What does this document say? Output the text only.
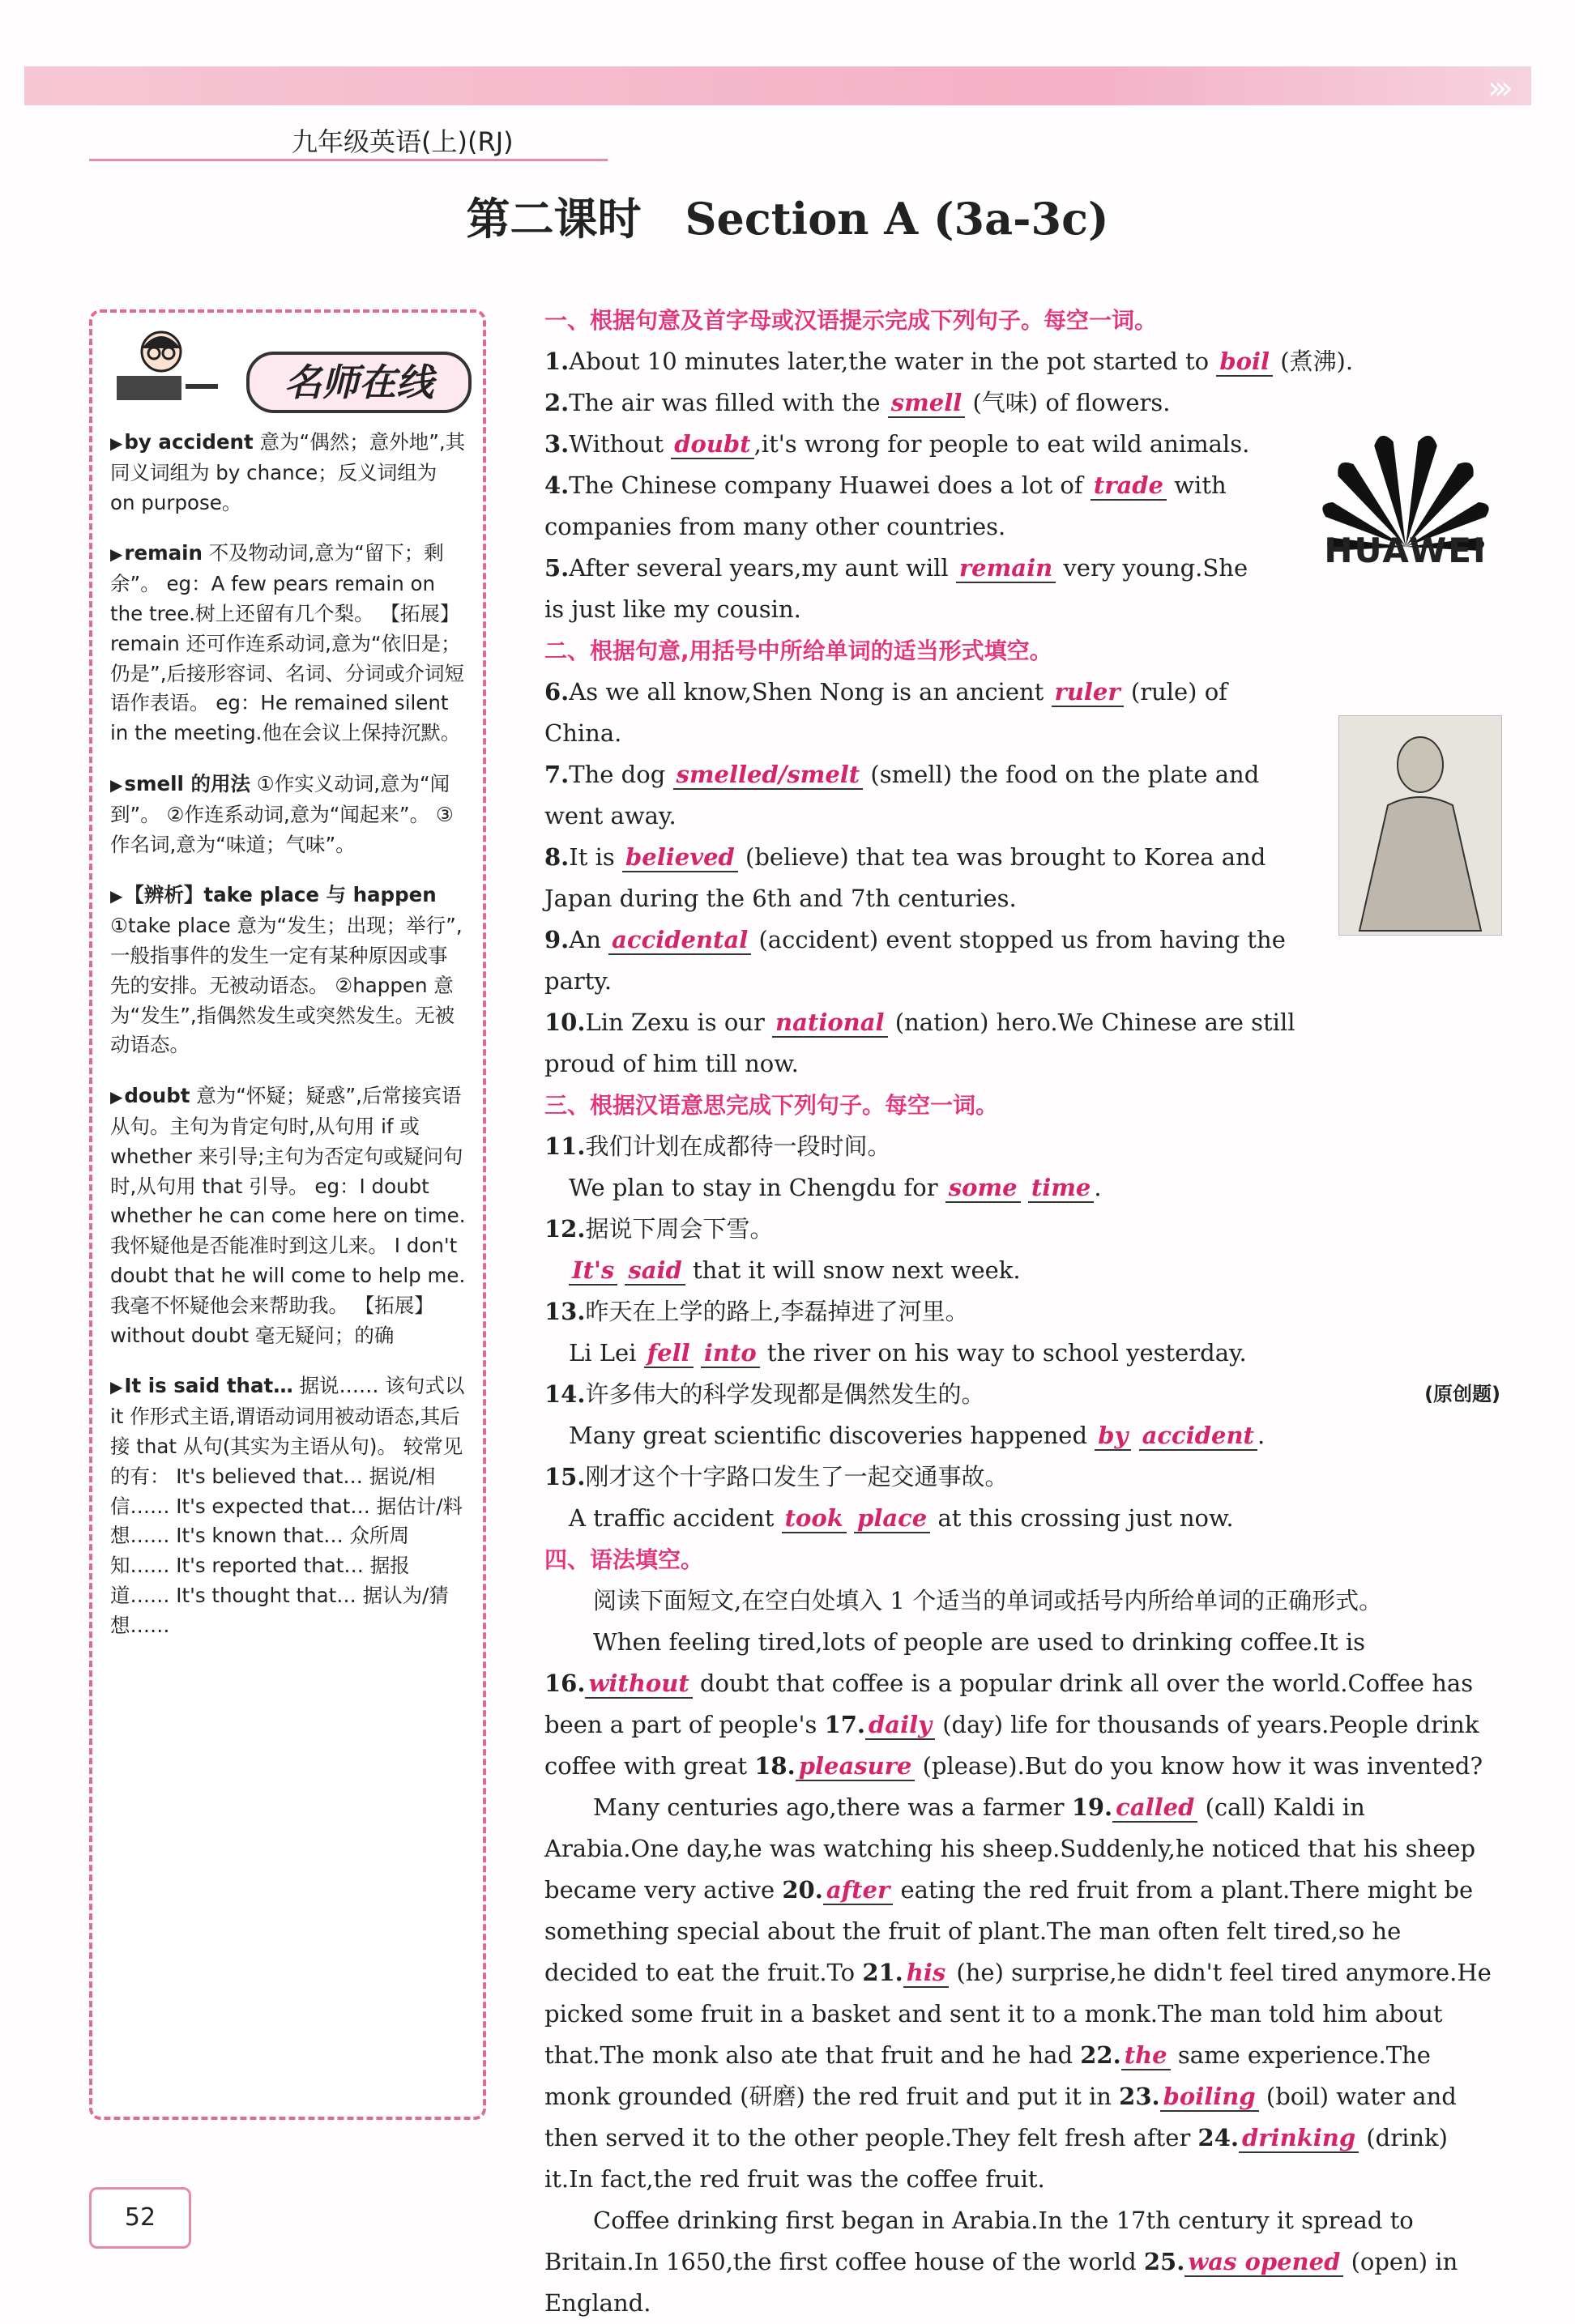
›››
九年级英语(上)(RJ)
第二课时　Section A (3a-3c)
名师在线
▶ by accident 意为“偶然；意外地”,其同义词组为 by chance；反义词组为 on purpose。
▶ remain 不及物动词,意为“留下；剩余”。 eg：A few pears remain on the tree.树上还留有几个梨。 【拓展】remain 还可作连系动词,意为“依旧是；仍是”,后接形容词、名词、分词或介词短语作表语。 eg：He remained silent in the meeting.他在会议上保持沉默。
▶ smell 的用法 ①作实义动词,意为“闻到”。 ②作连系动词,意为“闻起来”。 ③作名词,意为“味道；气味”。
▶ 【辨析】take place 与 happen ①take place 意为“发生；出现；举行”,一般指事件的发生一定有某种原因或事先的安排。无被动语态。 ②happen 意为“发生”,指偶然发生或突然发生。无被动语态。
▶ doubt 意为“怀疑；疑惑”,后常接宾语从句。主句为肯定句时,从句用 if 或 whether 来引导;主句为否定句或疑问句时,从句用 that 引导。 eg：I doubt whether he can come here on time.我怀疑他是否能准时到这儿来。 I don't doubt that he will come to help me.我毫不怀疑他会来帮助我。 【拓展】without doubt 毫无疑问；的确
▶ It is said that… 据说…… 该句式以 it 作形式主语,谓语动词用被动语态,其后接 that 从句(其实为主语从句)。 较常见的有： It's believed that… 据说/相信…… It's expected that… 据估计/料想…… It's known that… 众所周知…… It's reported that… 据报道…… It's thought that… 据认为/猜想……
HUAWEI
一、根据句意及首字母或汉语提示完成下列句子。每空一词。
1.About 10 minutes later,the water in the pot started to boil (煮沸).
2.The air was filled with the smell (气味) of flowers.
3.Without doubt ,it's wrong for people to eat wild animals.
4.The Chinese company Huawei does a lot of trade with companies from many other countries.
5.After several years,my aunt will remain very young.She is just like my cousin.
二、根据句意,用括号中所给单词的适当形式填空。
6.As we all know,Shen Nong is an ancient ruler (rule) of China.
7.The dog smelled/smelt (smell) the food on the plate and went away.
8.It is believed (believe) that tea was brought to Korea and Japan during the 6th and 7th centuries.
9.An accidental (accident) event stopped us from having the party.
10.Lin Zexu is our national (nation) hero.We Chinese are still proud of him till now.
三、根据汉语意思完成下列句子。每空一词。
11.我们计划在成都待一段时间。
We plan to stay in Chengdu for some time .
12.据说下周会下雪。
It's said that it will snow next week.
13.昨天在上学的路上,李磊掉进了河里。
Li Lei fell into the river on his way to school yesterday.
14.许多伟大的科学发现都是偶然发生的。	(原创题)
Many great scientific discoveries happened by accident .
15.刚才这个十字路口发生了一起交通事故。
A traffic accident took place at this crossing just now.
四、语法填空。
阅读下面短文,在空白处填入 1 个适当的单词或括号内所给单词的正确形式。
When feeling tired,lots of people are used to drinking coffee.It is 16. without doubt that coffee is a popular drink all over the world.Coffee has been a part of people's 17. daily (day) life for thousands of years.People drink coffee with great 18. pleasure (please).But do you know how it was invented?
Many centuries ago,there was a farmer 19. called (call) Kaldi in Arabia.One day,he was watching his sheep.Suddenly,he noticed that his sheep became very active 20. after eating the red fruit from a plant.There might be something special about the fruit of plant.The man often felt tired,so he decided to eat the fruit.To 21. his (he) surprise,he didn't feel tired anymore.He picked some fruit in a basket and sent it to a monk.The man told him about that.The monk also ate that fruit and he had 22. the same experience.The monk grounded (研磨) the red fruit and put it in 23. boiling (boil) water and then served it to the other people.They felt fresh after 24. drinking (drink) it.In fact,the red fruit was the coffee fruit.
Coffee drinking first began in Arabia.In the 17th century it spread to Britain.In 1650,the first coffee house of the world 25. was opened (open) in England.
52
